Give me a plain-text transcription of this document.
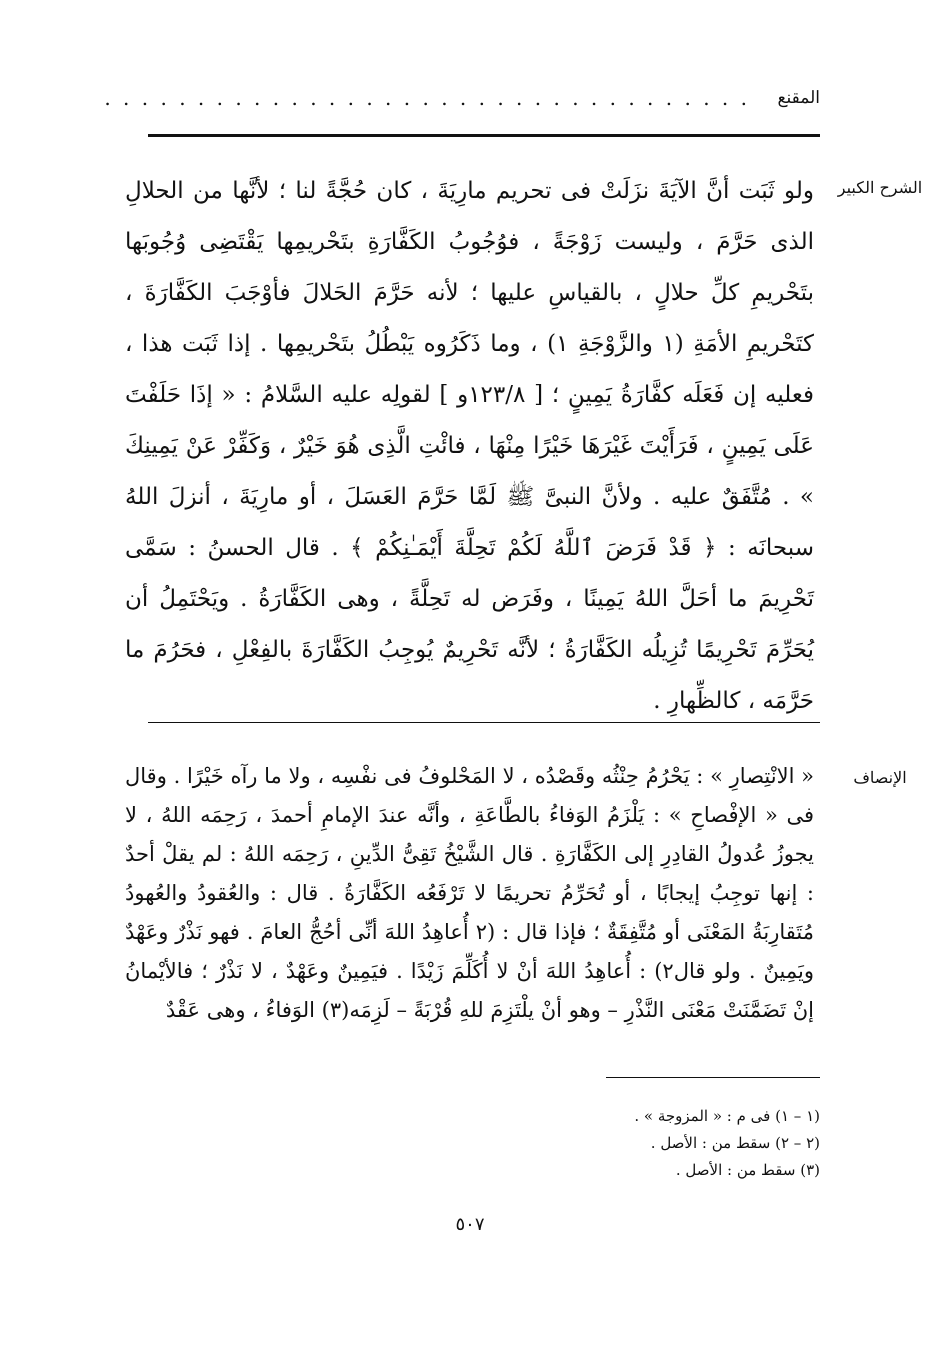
المقنع
. . . . . . . . . . . . . . . . . . . . . . . . . . . . . . . . . . .
الشرح الكبير

ولو ثَبَت أنَّ الآيَةَ نزَلَتْ فى تحريم مارِيَةَ ، كان حُجَّةً لنا ؛ لأنَّها من الحلالِ الذى حَرَّمَ ، وليست زَوْجَةً ، فوُجُوبُ الكَفَّارَةِ بتَحْريمِها يَقْتَضِى وُجُوبَها بتَحْريمِ كلِّ حلالٍ ، بالقياسِ عليها ؛ لأنه حَرَّمَ الحَلالَ فأوْجَبَ الكَفَّارَةَ ، كتَحْريمِ الأمَةِ (١ والزَّوْجَةِ ١) ، وما ذَكَرُوه يَبْطُلُ بتَحْريمِها . إذا ثَبَت هذا ، فعليه إن فَعَلَه كفَّارَةُ يَمِينٍ ؛ [ ١٢٣/٨و ] لقولِه عليه السَّلامُ : « إذَا حَلَفْتَ عَلَى يَمِينٍ ، فَرَأَيْتَ غَيْرَهَا خَيْرًا مِنْهَا ، فائْتِ الَّذِى هُوَ خَيْرٌ ، وَكَفِّرْ عَنْ يَمِينِكَ » . مُتَّفَقٌ عليه . ولأنَّ النبىَّ ﷺ لَمَّا حَرَّمَ العَسَلَ ، أو مارِيَةَ ، أنزلَ اللهُ سبحانَه : ﴿ قَدْ فَرَضَ ٱللَّهُ لَكُمْ تَحِلَّةَ أَيْمَـٰنِكُمْ ﴾ . قال الحسنُ : سَمَّى تَحْرِيمَ ما أحَلَّ اللهُ يَمِينًا ، وفَرَض له تَحِلَّةً ، وهى الكَفَّارَةُ . ويَحْتَمِلُ أن يُحَرِّمَ تَحْرِيمًا تُزِيلُه الكَفَّارَةُ ؛ لأنَّه تَحْرِيمٌ يُوجِبُ الكَفَّارَةَ بالفِعْلِ ، فحَرُمَ ما حَرَّمَه ، كالظِّهارِ .

الإنصاف

« الانْتِصارِ » : يَحْرُمُ حِنْثُه وقَصْدُه ، لا المَحْلوفُ فى نفْسِه ، ولا ما رآه خَيْرًا . وقال فى « الإفْصاحِ » : يَلْزَمُ الوَفاءُ بالطَّاعَةِ ، وأنَّه عندَ الإمامِ أحمدَ ، رَحِمَه اللهُ ، لا يجوزُ عُدولُ القادِرِ إلى الكَفَّارَةِ . قال الشَّيْخُ تَقِىُّ الدِّينِ ، رَحِمَه اللهُ : لم يقلْ أحدٌ : إنها توجِبُ إيجابًا ، أو تُحَرِّمُ تحريمًا لا تَرْفَعُه الكَفَّارَةُ . قال : والعُقودُ والعُهودُ مُتَقارِبَةُ المَعْنَى أو مُتَّفِقَةٌ ؛ فإذا قال : (٢ أُعاهِدُ اللهَ أنِّى أحُجُّ العامَ . فهو نَذْرٌ وعَهْدٌ ويَمِينٌ . ولو قال٢) : أُعاهِدُ اللهَ أنْ لا أُكَلِّمَ زَيْدًا . فيَمِينٌ وعَهْدٌ ، لا نَذْرٌ ؛ فالأيْمانُ إنْ تَضَمَّنَتْ مَعْنَى النَّذْرِ – وهو أنْ يلْتَزِمَ للهِ قُرْبَةً – لَزِمَه(٣) الوَفاءُ ، وهى عَقْدٌ

(١ – ١) فى م : « المزوجة » .
(٢ – ٢) سقط من : الأصل .
(٣) سقط من : الأصل .
٥٠٧
